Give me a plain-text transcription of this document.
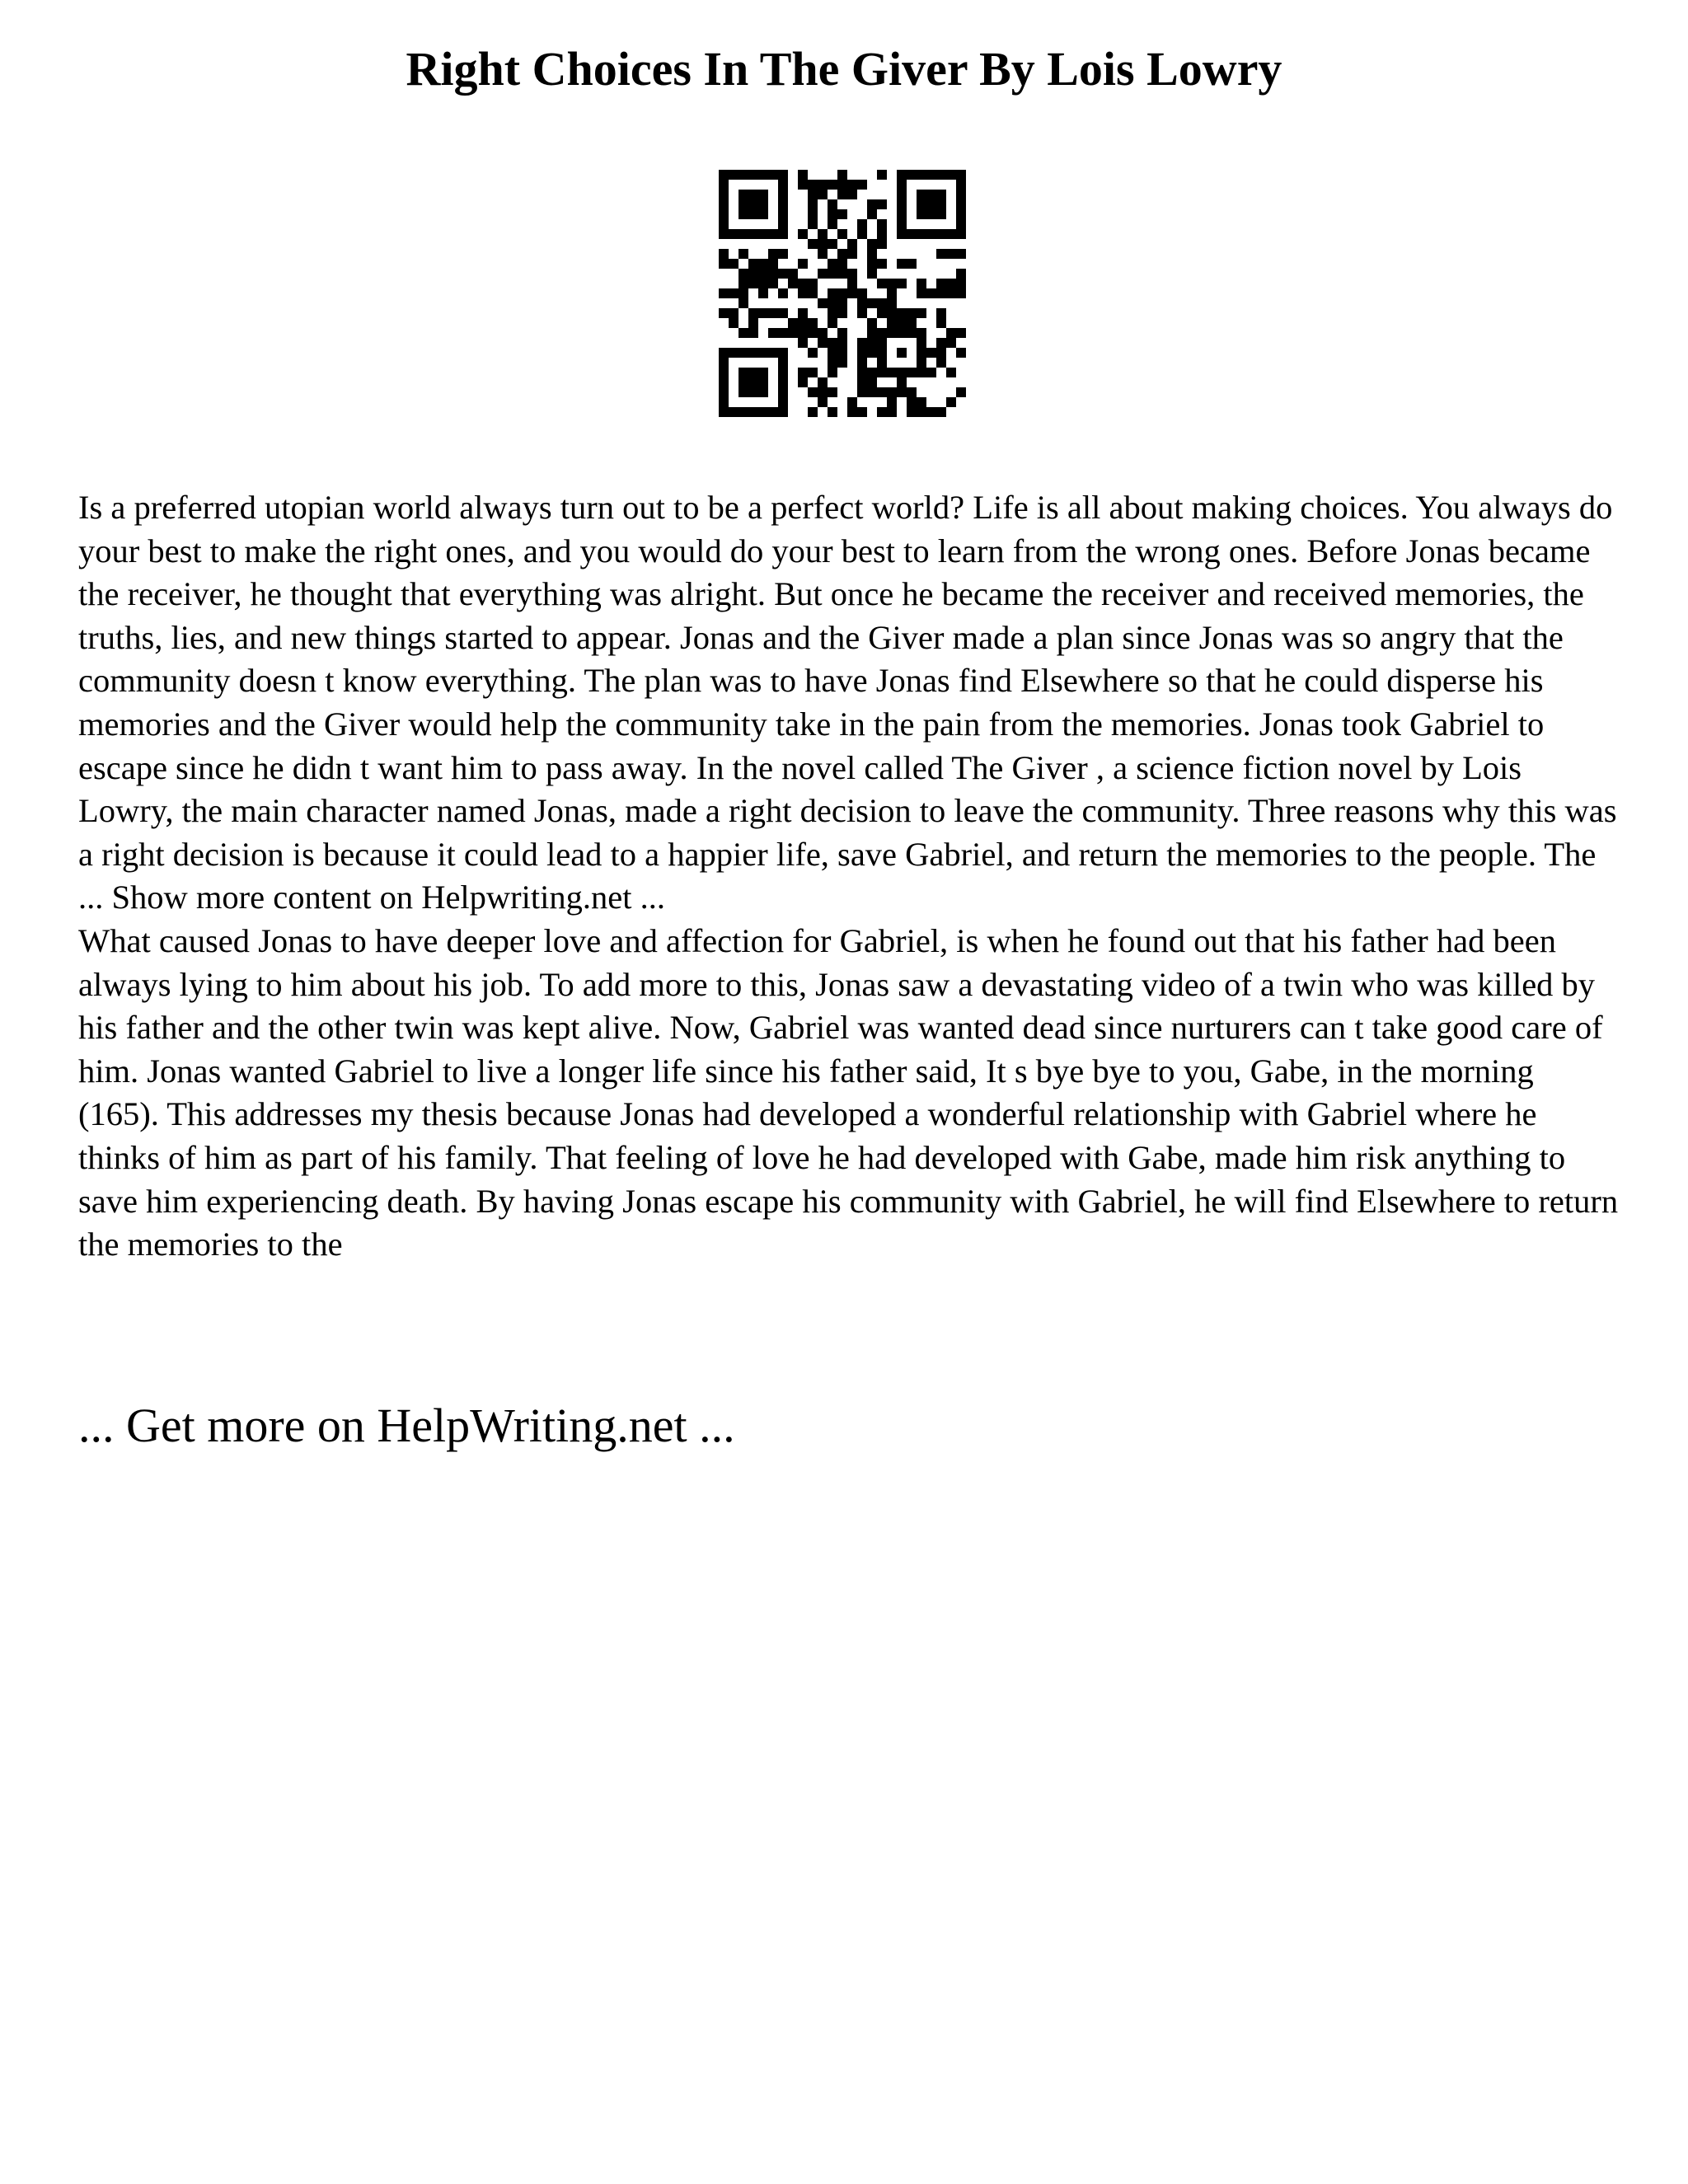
Right Choices In The Giver By Lois Lowry

Is a preferred utopian world always turn out to be a perfect world? Life is all about making choices. You always do your best to make the right ones, and you would do your best to learn from the wrong ones. Before Jonas became the receiver, he thought that everything was alright. But once he became the receiver and received memories, the truths, lies, and new things started to appear. Jonas and the Giver made a plan since Jonas was so angry that the community doesn t know everything. The plan was to have Jonas find Elsewhere so that he could disperse his memories and the Giver would help the community take in the pain from the memories. Jonas took Gabriel to escape since he didn t want him to pass away. In the novel called The Giver , a science fiction novel by Lois Lowry, the main character named Jonas, made a right decision to leave the community. Three reasons why this was a right decision is because it could lead to a happier life, save Gabriel, and return the memories to the people. The ... Show more content on Helpwriting.net ...

What caused Jonas to have deeper love and affection for Gabriel, is when he found out that his father had been always lying to him about his job. To add more to this, Jonas saw a devastating video of a twin who was killed by his father and the other twin was kept alive. Now, Gabriel was wanted dead since nurturers can t take good care of him. Jonas wanted Gabriel to live a longer life since his father said, It s bye bye to you, Gabe, in the morning (165). This addresses my thesis because Jonas had developed a wonderful relationship with Gabriel where he thinks of him as part of his family. That feeling of love he had developed with Gabe, made him risk anything to save him experiencing death. By having Jonas escape his community with Gabriel, he will find Elsewhere to return the memories to the

... Get more on HelpWriting.net ...
